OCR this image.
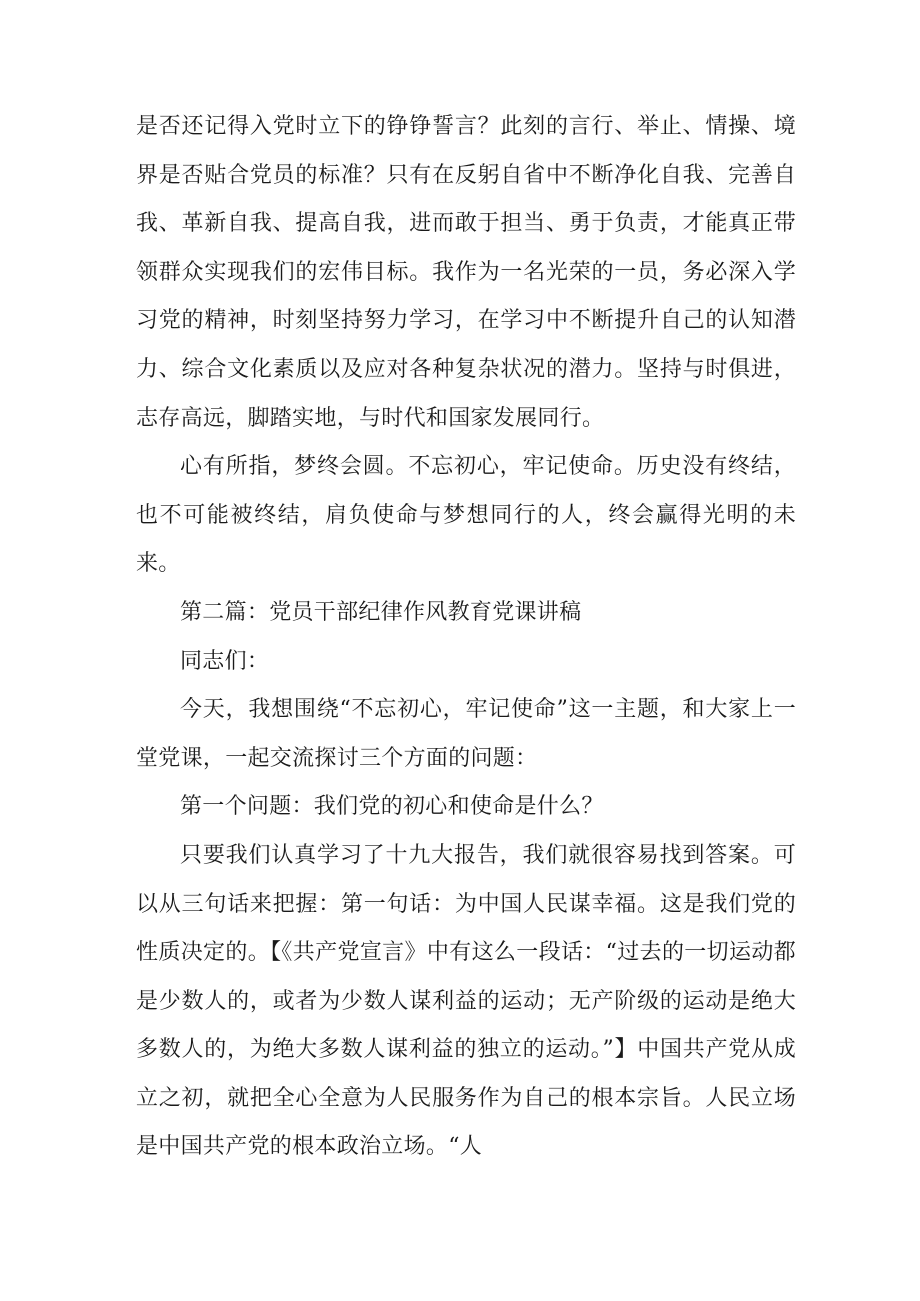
是否还记得入党时立下的铮铮誓言？此刻的言行、举止、情操、境界是否贴合党员的标准？只有在反躬自省中不断净化自我、完善自我、革新自我、提高自我，进而敢于担当、勇于负责，才能真正带领群众实现我们的宏伟目标。我作为一名光荣的一员，务必深入学习党的精神，时刻坚持努力学习，在学习中不断提升自己的认知潜力、综合文化素质以及应对各种复杂状况的潜力。坚持与时俱进，志存高远，脚踏实地，与时代和国家发展同行。

心有所指，梦终会圆。不忘初心，牢记使命。历史没有终结，也不可能被终结，肩负使命与梦想同行的人，终会赢得光明的未来。

第二篇：党员干部纪律作风教育党课讲稿

同志们：

今天，我想围绕“不忘初心，牢记使命”这一主题，和大家上一堂党课，一起交流探讨三个方面的问题：

第一个问题：我们党的初心和使命是什么？

只要我们认真学习了十九大报告，我们就很容易找到答案。可以从三句话来把握：第一句话：为中国人民谋幸福。这是我们党的性质决定的。【《共产党宣言》中有这么一段话：“过去的一切运动都是少数人的，或者为少数人谋利益的运动；无产阶级的运动是绝大多数人的，为绝大多数人谋利益的独立的运动。”】中国共产党从成立之初，就把全心全意为人民服务作为自己的根本宗旨。人民立场是中国共产党的根本政治立场。“人
